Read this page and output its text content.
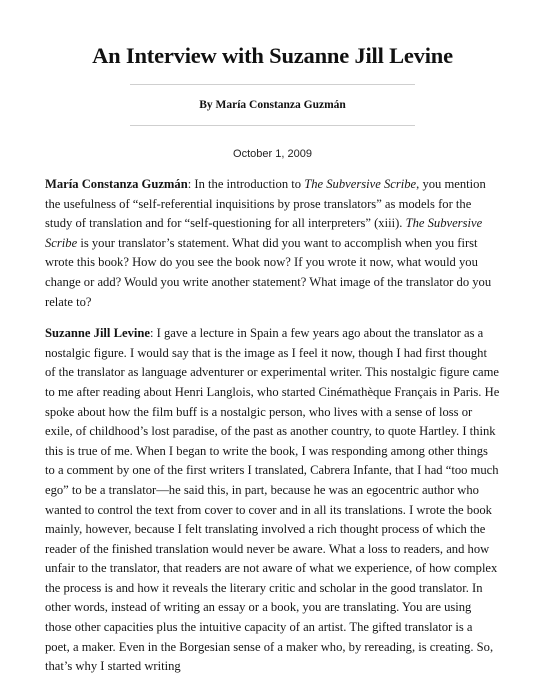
An Interview with Suzanne Jill Levine
By María Constanza Guzmán
October 1, 2009

María Constanza Guzmán: In the introduction to The Subversive Scribe, you mention the usefulness of “self-referential inquisitions by prose translators” as models for the study of translation and for “self-questioning for all interpreters” (xiii). The Subversive Scribe is your translator’s statement. What did you want to accomplish when you first wrote this book? How do you see the book now? If you wrote it now, what would you change or add? Would you write another statement? What image of the translator do you relate to?

Suzanne Jill Levine: I gave a lecture in Spain a few years ago about the translator as a nostalgic figure. I would say that is the image as I feel it now, though I had first thought of the translator as language adventurer or experimental writer. This nostalgic figure came to me after reading about Henri Langlois, who started Cinémathèque Français in Paris. He spoke about how the film buff is a nostalgic person, who lives with a sense of loss or exile, of childhood’s lost paradise, of the past as another country, to quote Hartley. I think this is true of me. When I began to write the book, I was responding among other things to a comment by one of the first writers I translated, Cabrera Infante, that I had “too much ego” to be a translator—he said this, in part, because he was an egocentric author who wanted to control the text from cover to cover and in all its translations. I wrote the book mainly, however, because I felt translating involved a rich thought process of which the reader of the finished translation would never be aware. What a loss to readers, and how unfair to the translator, that readers are not aware of what we experience, of how complex the process is and how it reveals the literary critic and scholar in the good translator. In other words, instead of writing an essay or a book, you are translating. You are using those other capacities plus the intuitive capacity of an artist. The gifted translator is a poet, a maker. Even in the Borgesian sense of a maker who, by rereading, is creating. So, that’s why I started writing
